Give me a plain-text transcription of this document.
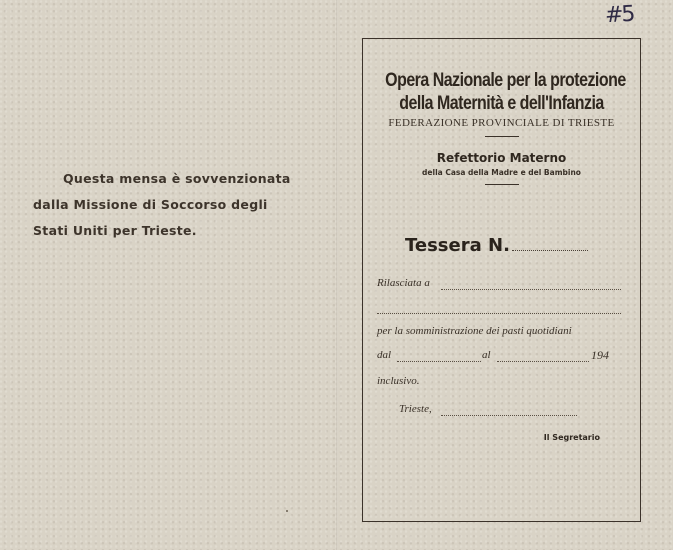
#5
Questa mensa è sovvenzionata
dalla Missione di Soccorso degli
Stati Uniti per Trieste.
Opera Nazionale per la protezione
della Maternità e dell'Infanzia
FEDERAZIONE PROVINCIALE DI TRIESTE
Refettorio Materno
della Casa della Madre e del Bambino
Tessera N.
Rilasciata a
per la somministrazione dei pasti quotidiani
dal	al	194
inclusivo.
Trieste,
Il Segretario
